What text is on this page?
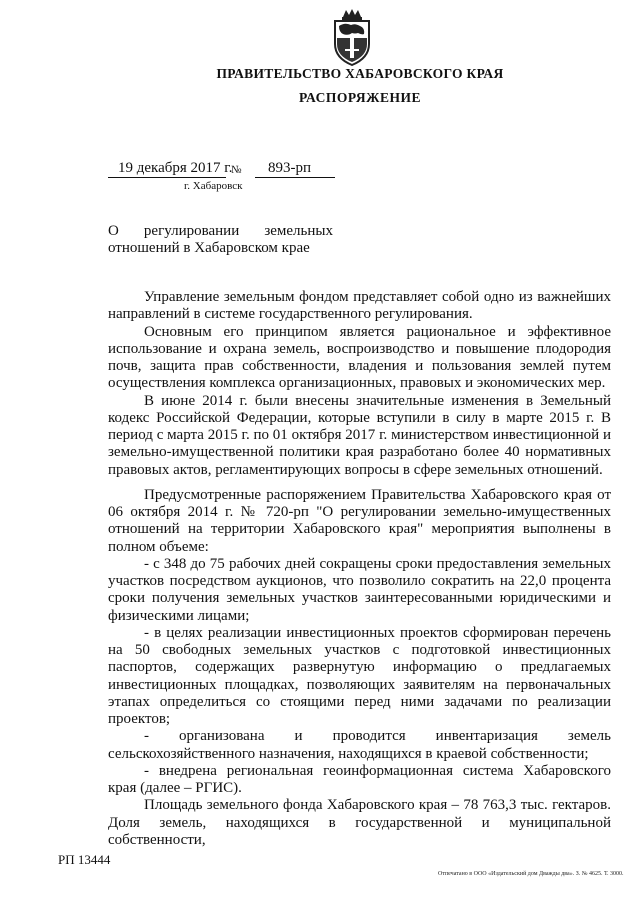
ПРАВИТЕЛЬСТВО ХАБАРОВСКОГО КРАЯ
РАСПОРЯЖЕНИЕ
19 декабря 2017 г.
№ 893-рп
г. Хабаровск
О регулировании земельных отношений в Хабаровском крае

Управление земельным фондом представляет собой одно из важнейших направлений в системе государственного регулирования.

Основным его принципом является рациональное и эффективное использование и охрана земель, воспроизводство и повышение плодородия почв, защита прав собственности, владения и пользования землей путем осуществления комплекса организационных, правовых и экономических мер.

В июне 2014 г. были внесены значительные изменения в Земельный кодекс Российской Федерации, которые вступили в силу в марте 2015 г. В период с марта 2015 г. по 01 октября 2017 г. министерством инвестиционной и земельно-имущественной политики края разработано более 40 нормативных правовых актов, регламентирующих вопросы в сфере земельных отношений.

Предусмотренные распоряжением Правительства Хабаровского края от 06 октября 2014 г. № 720-рп "О регулировании земельно-имущественных отношений на территории Хабаровского края" мероприятия выполнены в полном объеме:

- с 348 до 75 рабочих дней сокращены сроки предоставления земельных участков посредством аукционов, что позволило сократить на 22,0 процента сроки получения земельных участков заинтересованными юридическими и физическими лицами;

- в целях реализации инвестиционных проектов сформирован перечень на 50 свободных земельных участков с подготовкой инвестиционных паспортов, содержащих развернутую информацию о предлагаемых инвестиционных площадках, позволяющих заявителям на первоначальных этапах определиться со стоящими перед ними задачами по реализации проектов;

- организована и проводится инвентаризация земель сельскохозяйственного назначения, находящихся в краевой собственности;

- внедрена региональная геоинформационная система Хабаровского края (далее – РГИС).

Площадь земельного фонда Хабаровского края – 78 763,3 тыс. гектаров. Доля земель, находящихся в государственной и муниципальной собственности,

РП 13444
Отпечатано в ООО «Издательский дом Дважды два». З. № 4625. Т. 3000.
